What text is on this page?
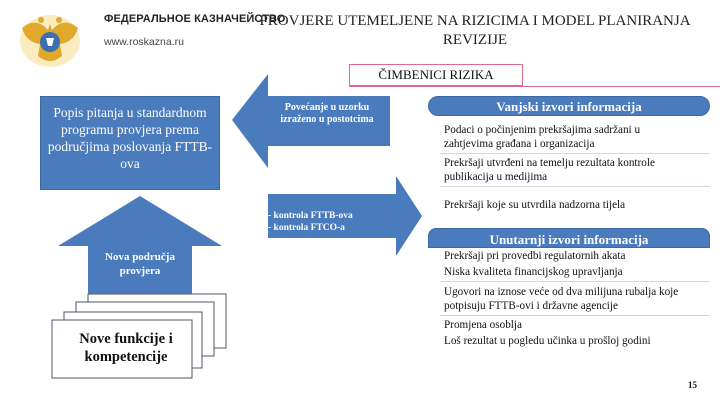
ФЕДЕРАЛЬНОЕ КАЗНАЧЕЙСТВО
www.roskazna.ru
PROVJERE UTEMELJENE NA RIZICIMA I MODEL PLANIRANJA REVIZIJE
ČIMBENICI RIZIKA
Popis pitanja u standardnom programu provjera prema područjima poslovanja FTTB-ova
Povećanje u uzorku izraženo u postotcima
- kontrola FTTB-ova
- kontrola FTCO-a
Nova područja provjera
Nove funkcije i kompetencije
Vanjski izvori informacija
Podaci o počinjenim prekršajima sadržani u zahtjevima građana i organizacija
Prekršaji utvrđeni na temelju rezultata kontrole publikacija u medijima
Prekršaji koje su utvrdila nadzorna tijela
Unutarnji izvori informacija
Prekršaji pri provedbi regulatornih akata
Niska kvaliteta financijskog upravljanja
Ugovori na iznose veće od dva milijuna rubalja koje potpisuju FTTB-ovi i državne agencije
Promjena osoblja
Loš rezultat u pogledu učinka u prošloj godini
15
